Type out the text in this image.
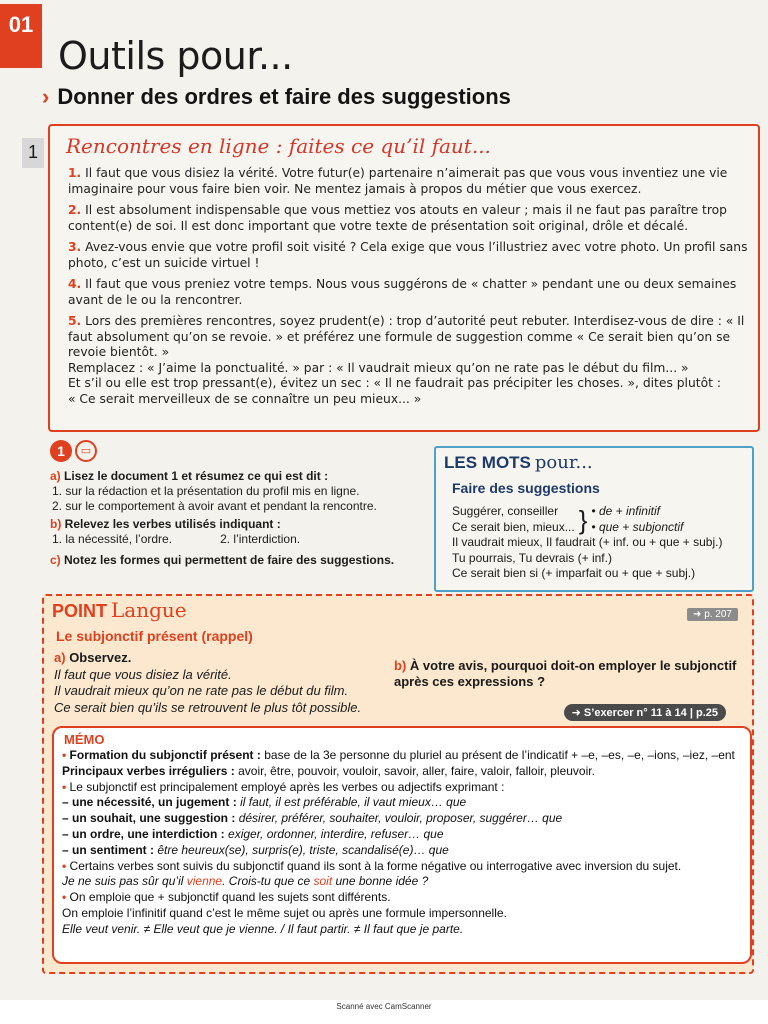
01
Outils pour...
› Donner des ordres et faire des suggestions
1	Rencontres en ligne : faites ce qu’il faut...

1. Il faut que vous disiez la vérité. Votre futur(e) partenaire n’aimerait pas que vous vous inventiez une vie imaginaire pour vous faire bien voir. Ne mentez jamais à propos du métier que vous exercez.

2. Il est absolument indispensable que vous mettiez vos atouts en valeur ; mais il ne faut pas paraître trop content(e) de soi. Il est donc important que votre texte de présentation soit original, drôle et décalé.

3. Avez-vous envie que votre profil soit visité ? Cela exige que vous l’illustriez avec votre photo. Un profil sans photo, c’est un suicide virtuel !

4. Il faut que vous preniez votre temps. Nous vous suggérons de « chatter » pendant une ou deux semaines avant de le ou la rencontrer.

5. Lors des premières rencontres, soyez prudent(e) : trop d’autorité peut rebuter. Interdisez-vous de dire : « Il faut absolument qu’on se revoie. » et préférez une formule de suggestion comme « Ce serait bien qu’on se revoie bientôt. »

Remplacez : « J’aime la ponctualité. » par : « Il vaudrait mieux qu’on ne rate pas le début du film... »
Et s’il ou elle est trop pressant(e), évitez un sec : « Il ne faudrait pas précipiter les choses. », dites plutôt :
« Ce serait merveilleux de se connaître un peu mieux... »
1	▭
a) Lisez le document 1 et résumez ce qui est dit :
1. sur la rédaction et la présentation du profil mis en ligne.
2. sur le comportement à avoir avant et pendant la rencontre.
b) Relevez les verbes utilisés indiquant :
1. la nécessité, l’ordre.	2. l’interdiction.
c) Notez les formes qui permettent de faire des suggestions.
LES MOTS pour...
Faire des suggestions
Suggérer, conseiller
Ce serait bien, mieux... } • de + infinitif
• que + subjonctif
Il vaudrait mieux, Il faudrait (+ inf. ou + que + subj.)
Tu pourrais, Tu devrais (+ inf.)
Ce serait bien si (+ imparfait ou + que + subj.)
POINT Langue	➜ p. 207
Le subjonctif présent (rappel)
a) Observez.
Il faut que vous disiez la vérité.
Il vaudrait mieux qu’on ne rate pas le début du film.
Ce serait bien qu’ils se retrouvent le plus tôt possible.
b) À votre avis, pourquoi doit-on employer le subjonctif après ces expressions ?
➜ S’exercer n° 11 à 14 | p.25
MÉMO
• Formation du subjonctif présent : base de la 3e personne du pluriel au présent de l’indicatif + –e, –es, –e, –ions, –iez, –ent
Principaux verbes irréguliers : avoir, être, pouvoir, vouloir, savoir, aller, faire, valoir, falloir, pleuvoir.
• Le subjonctif est principalement employé après les verbes ou adjectifs exprimant :
– une nécessité, un jugement : il faut, il est préférable, il vaut mieux… que
– un souhait, une suggestion : désirer, préférer, souhaiter, vouloir, proposer, suggérer… que
– un ordre, une interdiction : exiger, ordonner, interdire, refuser… que
– un sentiment : être heureux(se), surpris(e), triste, scandalisé(e)… que
• Certains verbes sont suivis du subjonctif quand ils sont à la forme négative ou interrogative avec inversion du sujet.
Je ne suis pas sûr qu’il vienne. Crois-tu que ce soit une bonne idée ?
• On emploie que + subjonctif quand les sujets sont différents.
On emploie l’infinitif quand c’est le même sujet ou après une formule impersonnelle.
Elle veut venir. ≠ Elle veut que je vienne. / Il faut partir. ≠ Il faut que je parte.
Scanné avec CamScanner
